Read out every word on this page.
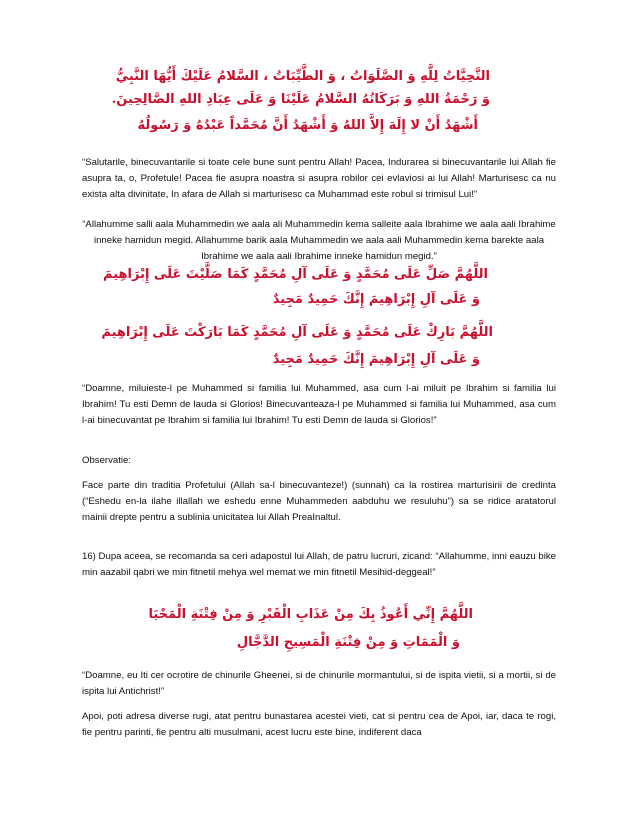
التَّحِيَّاتُ لِلَّهِ وَ الصَّلَوَاتُ ، وَ الطَّيِّبَاتُ ، السَّلامُ عَلَيْكَ أَيُّهَا النَّبِيُّ
وَ رَحْمَةُ اللهِ وَ بَرَكَاتُهُ السَّلامُ عَلَيْنَا وَ عَلَى عِبَادِ اللهِ الصَّالِحِينَ.
أَشْهَدُ أَنْ لا إِلَهَ إِلاَّ اللهُ وَ أَشْهَدُ أَنَّ مُحَمَّداً عَبْدُهُ وَ رَسُولُهُ

“Salutarile, binecuvantarile si toate cele bune sunt pentru Allah! Pacea, Indurarea si binecuvantarile lui Allah fie asupra ta, o, Profetule! Pacea fie asupra noastra si asupra robilor cei evlaviosi ai lui Allah! Marturisesc ca nu exista alta divinitate, In afara de Allah si marturisesc ca Muhammad este robul si trimisul Lui!”

“Allahumme salli aala Muhammedin we aala ali Muhammedin kema salleite aala Ibrahime we aala aali Ibrahime inneke hamidun megid. Allahumme barik aala Muhammedin we aala aali Muhammedin kema barekte aala Ibrahime we aala aali Ibrahime inneke hamidun megid.”

اللَّهُمَّ صَلِّ عَلَى مُحَمَّدٍ وَ عَلَى آلِ مُحَمَّدٍ كَمَا صَلَّيْتَ عَلَى إِبْرَاهِيمَ
وَ عَلَى آلِ إِبْرَاهِيمَ إِنَّكَ حَمِيدٌ مَجِيدٌ
اللَّهُمَّ بَارِكْ عَلَى مُحَمَّدٍ وَ عَلَى آلِ مُحَمَّدٍ كَمَا بَارَكْتَ عَلَى إِبْرَاهِيمَ
وَ عَلَى آلِ إِبْرَاهِيمَ إِنَّكَ حَمِيدٌ مَجِيدٌ

“Doamne, miluieste-l pe Muhammed si familia lui Muhammed, asa cum l-ai miluit pe Ibrahim si familia lui Ibrahim! Tu esti Demn de lauda si Glorios! Binecuvanteaza-l pe Muhammed si familia lui Muhammed, asa cum l-ai binecuvantat pe Ibrahim si familia lui Ibrahim! Tu esti Demn de lauda si Glorios!”

Observatie:

Face parte din traditia Profetului (Allah sa-l binecuvanteze!) (sunnah) ca la rostirea marturisirii de credinta (“Eshedu en-la ilahe illallah we eshedu enne Muhammeden aabduhu we resuluhu”) sa se ridice aratatorul mainii drepte pentru a sublinia unicitatea lui Allah PreaInaltul.

16) Dupa aceea, se recomanda sa ceri adapostul lui Allah, de patru lucruri, zicand: “Allahumme, inni eauzu bike min aazabil qabri we min fitnetil mehya wel memat we min fitnetil Mesihid-deggeal!”

اللَّهُمَّ إِنِّي أَعُوذُ بِكَ مِنْ عَذَابِ الْقَبْرِ وَ مِنْ فِتْنَةِ الْمَحْيَا
وَ الْمَمَاتِ وَ مِنْ فِتْنَةِ الْمَسِيحِ الدَّجَّالِ

“Doamne, eu Iti cer ocrotire de chinurile Gheenei, si de chinurile mormantului, si de ispita vietii, si a mortii, si de ispita lui Antichrist!”

Apoi, poti adresa diverse rugi, atat pentru bunastarea acestei vieti, cat si pentru cea de Apoi, iar, daca te rogi, fie pentru parinti, fie pentru alti musulmani, acest lucru este bine, indiferent daca
